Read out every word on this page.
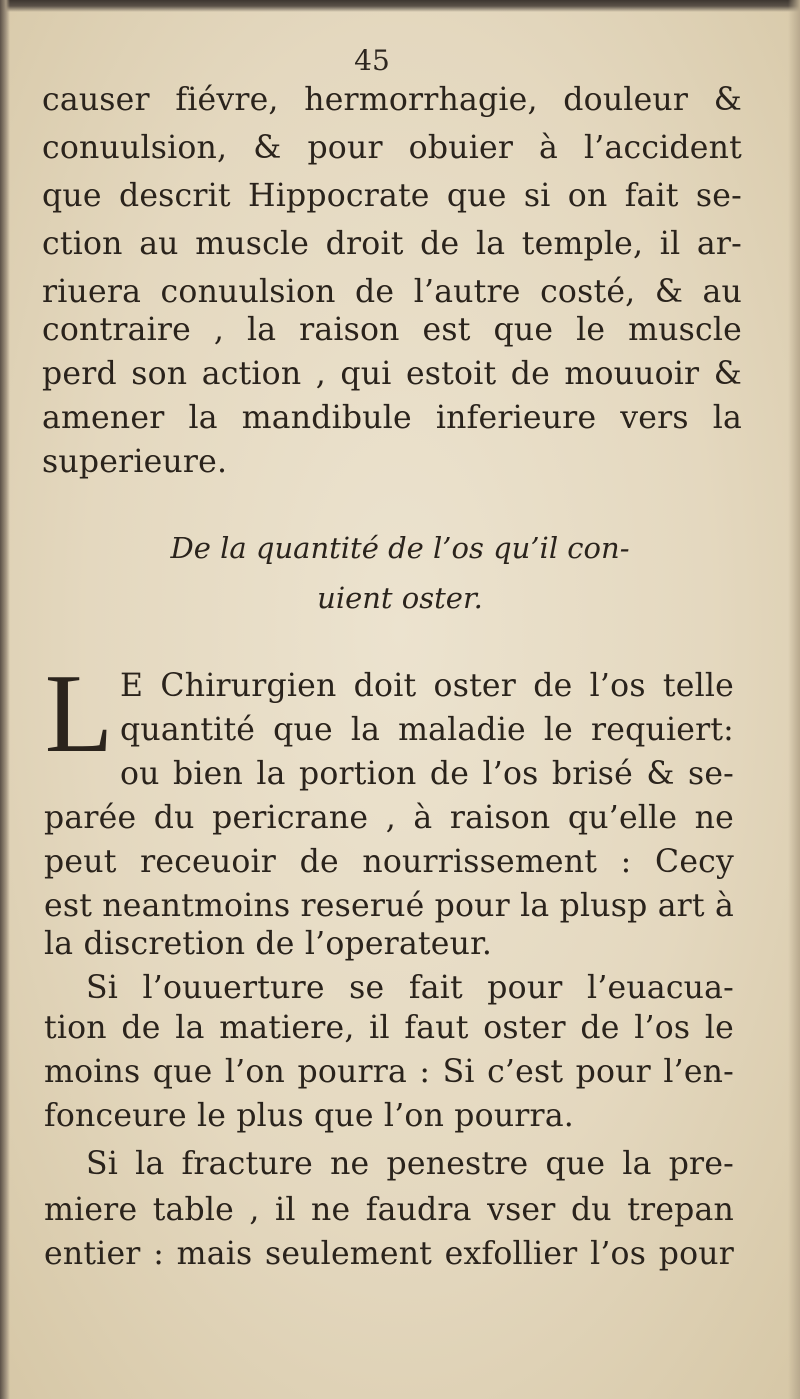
45
causer fiévre, hermorrhagie, douleur &
conuulsion, & pour obuier à l’accident
que descrit Hippocrate que si on fait se-
ction au muscle droit de la temple, il ar-
riuera conuulsion de l’autre costé, & au
contraire , la raison est que le muscle
perd son action , qui estoit de mouuoir &
amener la mandibule inferieure vers la
superieure.
De la quantité de l’os qu’il con-
uient oster.
L E Chirurgien doit oster de l’os telle
quantité que la maladie le requiert:
ou bien la portion de l’os brisé & se-
parée du pericrane , à raison qu’elle ne
peut receuoir de nourrissement : Cecy
est neantmoins reserué pour la plusp art à
la discretion de l’operateur.
Si l’ouuerture se fait pour l’euacua-
tion de la matiere, il faut oster de l’os le
moins que l’on pourra : Si c’est pour l’en-
fonceure le plus que l’on pourra.
Si la fracture ne penestre que la pre-
miere table , il ne faudra vser du trepan
entier : mais seulement exfollier l’os pour
